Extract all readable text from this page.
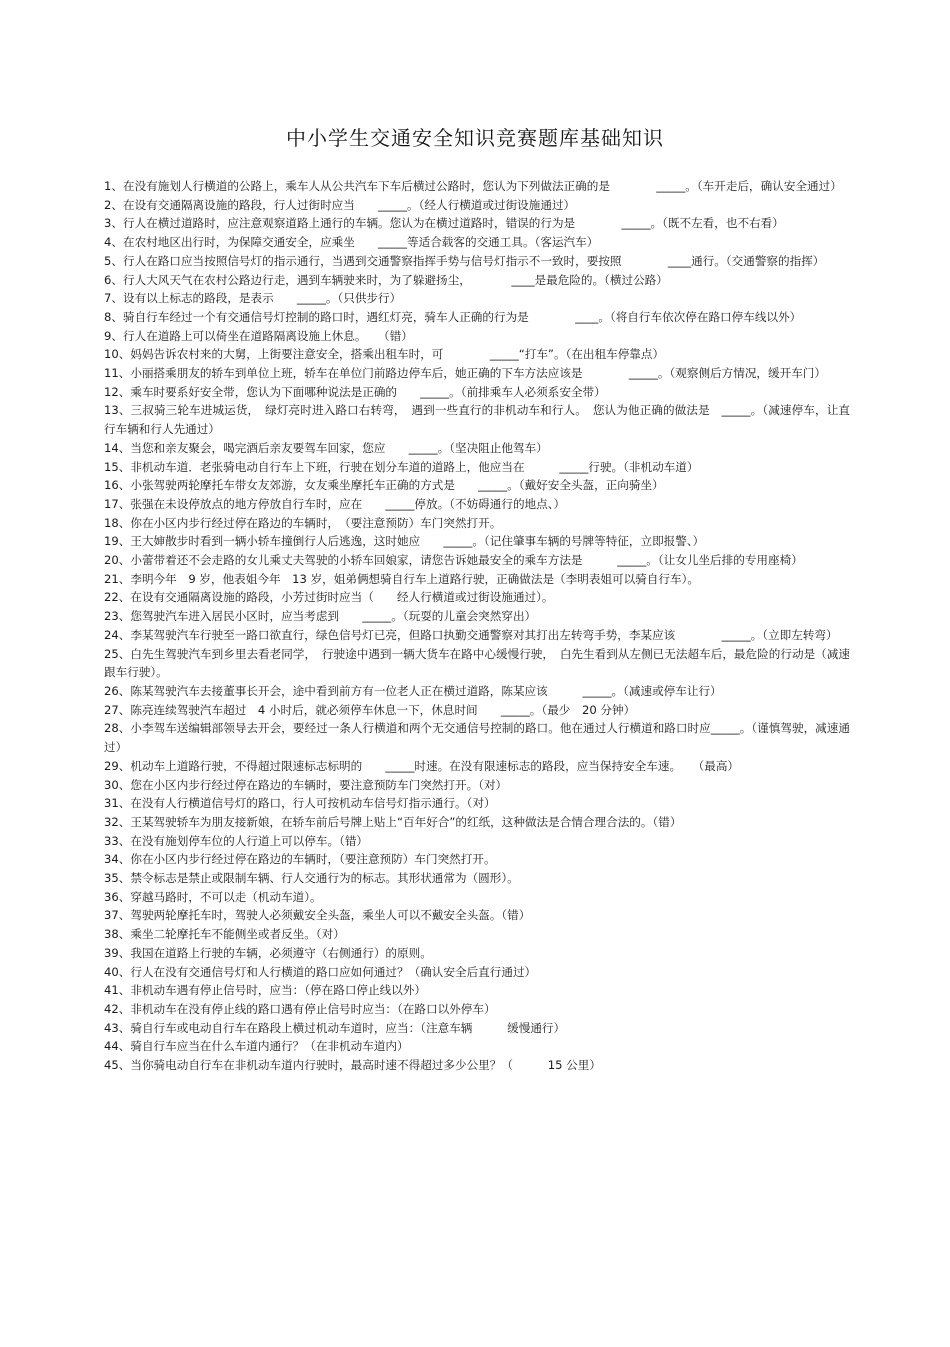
中小学生交通安全知识竞赛题库基础知识

1、在没有施划人行横道的公路上，乘车人从公共汽车下车后横过公路时，您认为下列做法正确的是　　　　_____。（车开走后，确认安全通过）

2、在设有交通隔离设施的路段，行人过街时应当　　_____。（经人行横道或过街设施通过）

3、行人在横过道路时，应注意观察道路上通行的车辆。您认为在横过道路时，错误的行为是　　　　_____。（既不左看，也不右看）

4、在农村地区出行时，为保障交通安全，应乘坐　　_____等适合载客的交通工具。（客运汽车）

5、行人在路口应当按照信号灯的指示通行，当遇到交通警察指挥手势与信号灯指示不一致时，要按照　　　　____通行。（交通警察的指挥）

6、行人大风天气在农村公路边行走，遇到车辆驶来时，为了躲避扬尘，　　　　____是最危险的。（横过公路）

7、设有以上标志的路段，是表示　　_____。（只供步行）

8、骑自行车经过一个有交通信号灯控制的路口时，遇红灯亮，骑车人正确的行为是　　　　____。（将自行车依次停在路口停车线以外）

9、行人在道路上可以倚坐在道路隔离设施上休息。　　（错）

10、妈妈告诉农村来的大舅，上街要注意安全，搭乘出租车时，可　　　　_____“打车”。（在出租车停靠点）

11、小丽搭乘朋友的轿车到单位上班，轿车在单位门前路边停车后，她正确的下车方法应该是　　　　_____。（观察侧后方情况，缓开车门）

12、乘车时要系好安全带，您认为下面哪种说法是正确的　　_____。（前排乘车人必须系安全带）

13、三叔骑三轮车进城运货，　绿灯亮时进入路口右转弯，　遇到一些直行的非机动车和行人。　您认为他正确的做法是　_____。（减速停车，让直行车辆和行人先通过）

14、当您和亲友聚会，喝完酒后亲友要驾车回家，您应　　_____。（坚决阻止他驾车）

15、非机动车道．老张骑电动自行车上下班，行驶在划分车道的道路上，他应当在　　　_____行驶。（非机动车道）

16、小张驾驶两轮摩托车带女友郊游，女友乘坐摩托车正确的方式是　　_____。（戴好安全头盔，正向骑坐）

17、张强在未设停放点的地方停放自行车时，应在　　_____停放。（不妨碍通行的地点、）

18、你在小区内步行经过停在路边的车辆时，　（要注意预防）车门突然打开。

19、王大婶散步时看到一辆小轿车撞倒行人后逃逸，这时她应　　_____。（记住肇事车辆的号牌等特征，立即报警、）

20、小蕾带着还不会走路的女儿乘丈夫驾驶的小轿车回娘家，请您告诉她最安全的乘车方法是　　　_____。（让女儿坐后排的专用座椅）

21、李明今年　9 岁，他表姐今年　13 岁，姐弟俩想骑自行车上道路行驶，正确做法是（李明表姐可以骑自行车）。

22、在设有交通隔离设施的路段，小芳过街时应当（　　经人行横道或过街设施通过）。

23、您驾驶汽车进入居民小区时，应当考虑到　　_____。（玩耍的儿童会突然穿出）

24、李某驾驶汽车行驶至一路口欲直行，绿色信号灯已亮，但路口执勤交通警察对其打出左转弯手势，李某应该　　　　_____。（立即左转弯）

25、白先生驾驶汽车到乡里去看老同学，　行驶途中遇到一辆大货车在路中心缓慢行驶，　白先生看到从左侧已无法超车后，最危险的行动是（减速跟车行驶）。

26、陈某驾驶汽车去接董事长开会，途中看到前方有一位老人正在横过道路，陈某应该　　　_____。（减速或停车让行）

27、陈亮连续驾驶汽车超过　4 小时后，就必须停车休息一下，休息时间　　_____。（最少　20 分钟）

28、小李驾车送编辑部领导去开会，要经过一条人行横道和两个无交通信号控制的路口。他在通过人行横道和路口时应_____。（谨慎驾驶，减速通过）

29、机动车上道路行驶，不得超过限速标志标明的　　_____时速。在没有限速标志的路段，应当保持安全车速。　　（最高）

30、您在小区内步行经过停在路边的车辆时，要注意预防车门突然打开。（对）

31、在没有人行横道信号灯的路口，行人可按机动车信号灯指示通行。（对）

32、王某驾驶轿车为朋友接新娘，在轿车前后号牌上贴上“百年好合”的红纸，这种做法是合情合理合法的。（错）

33、在没有施划停车位的人行道上可以停车。（错）

34、你在小区内步行经过停在路边的车辆时，（要注意预防）车门突然打开。

35、禁令标志是禁止或限制车辆、行人交通行为的标志。其形状通常为（圆形）。

36、穿越马路时，不可以走（机动车道）。

37、驾驶两轮摩托车时，驾驶人必须戴安全头盔，乘坐人可以不戴安全头盔。（错）

38、乘坐二轮摩托车不能侧坐或者反坐。（对）

39、我国在道路上行驶的车辆，必须遵守（右侧通行）的原则。

40、行人在没有交通信号灯和人行横道的路口应如何通过？（确认安全后直行通过）

41、非机动车遇有停止信号时，应当：（停在路口停止线以外）

42、非机动车在没有停止线的路口遇有停止信号时应当：（在路口以外停车）

43、骑自行车或电动自行车在路段上横过机动车道时，应当：（注意车辆　　　缓慢通行）

44、骑自行车应当在什么车道内通行？（在非机动车道内）

45、当你骑电动自行车在非机动车道内行驶时，最高时速不得超过多少公里？（　　　15 公里）
